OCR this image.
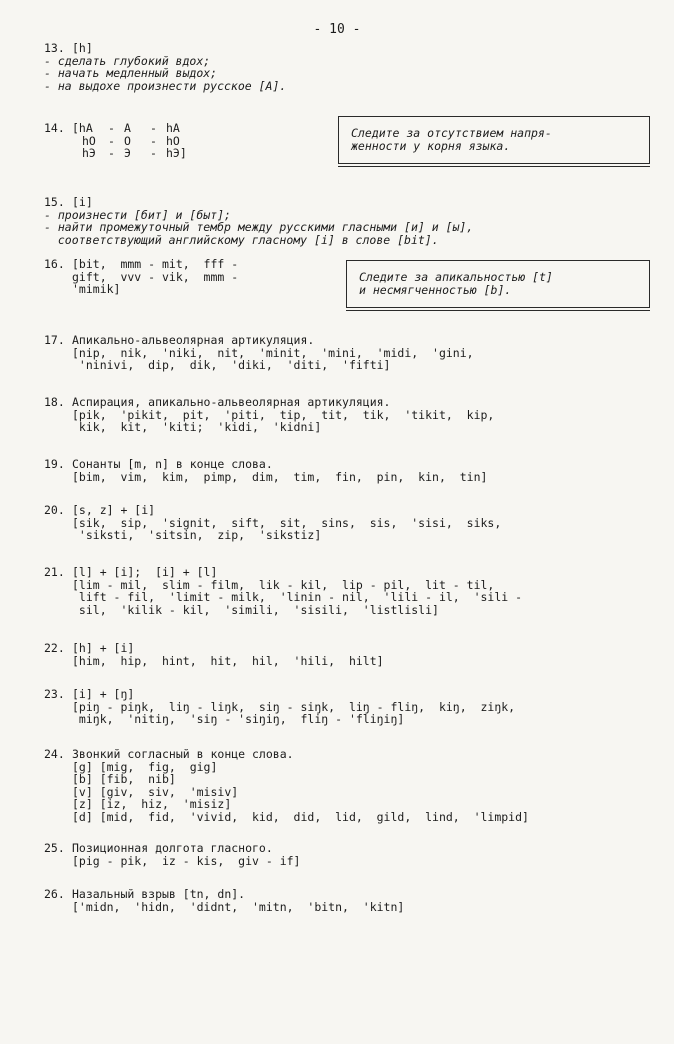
- 10 -
13. [h]
- сделать глубокий вдох;
- начать медленный выдох;
- на выдохе произнести русское [А].
14. [hA	- A	- hA
hO	- O	- hO
hЭ	- Э	- hЭ]
Следите за отсутствием напря-
женности у корня языка.
15. [i]
- произнести [бит] и [быт];
- найти промежуточный тембр между русскими гласными [и] и [ы],
соответствующий английскому гласному [i] в слове [bit].
16. [bit,  mmm - mit,  fff -
gift,  vvv - vik,  mmm -
'mimik]
Следите за апикальностью [t]
и несмягченностью [b].
17. Апикально-альвеолярная артикуляция.
[nip,  nik,  'niki,  nit,  'minit,  'mini,  'midi,  'gini,
'ninivi,  dip,  dik,  'diki,  'diti,  'fifti]
18. Аспирация, апикально-альвеолярная артикуляция.
[pik,  'pikit,  pit,  'piti,  tip,  tit,  tik,  'tikit,  kip,
kik,  kit,  'kiti;  'kidi,  'kidni]
19. Сонанты [m, n] в конце слова.
[bim,  vim,  kim,  pimp,  dim,  tim,  fin,  pin,  kin,  tin]
20. [s, z] + [i]
[sik,  sip,  'signit,  sift,  sit,  sins,  sis,  'sisi,  siks,
'siksti,  'sitsin,  zip,  'sikstiz]
21. [l] + [i];  [i] + [l]
[lim - mil,  slim - film,  lik - kil,  lip - pil,  lit - til,
lift - fil,  'limit - milk,  'linin - nil,  'lili - il,  'sili -
sil,  'kilik - kil,  'simili,  'sisili,  'listlisli]
22. [h] + [i]
[him,  hip,  hint,  hit,  hil,  'hili,  hilt]
23. [i] + [ŋ]
[piŋ - piŋk,  liŋ - liŋk,  siŋ - siŋk,  liŋ - fliŋ,  kiŋ,  ziŋk,
miŋk,  'nitiŋ,  'siŋ - 'siŋiŋ,  fliŋ - 'fliŋiŋ]
24. Звонкий согласный в конце слова.
[g] [mig,  fig,  gig]
[b] [fib,  nib]
[v] [giv,  siv,  'misiv]
[z] [iz,  hiz,  'misiz]
[d] [mid,  fid,  'vivid,  kid,  did,  lid,  gild,  lind,  'limpid]
25. Позиционная долгота гласного.
[pig - pik,  iz - kis,  giv - if]
26. Назальный взрыв [tn, dn].
['midn,  'hidn,  'didnt,  'mitn,  'bitn,  'kitn]
